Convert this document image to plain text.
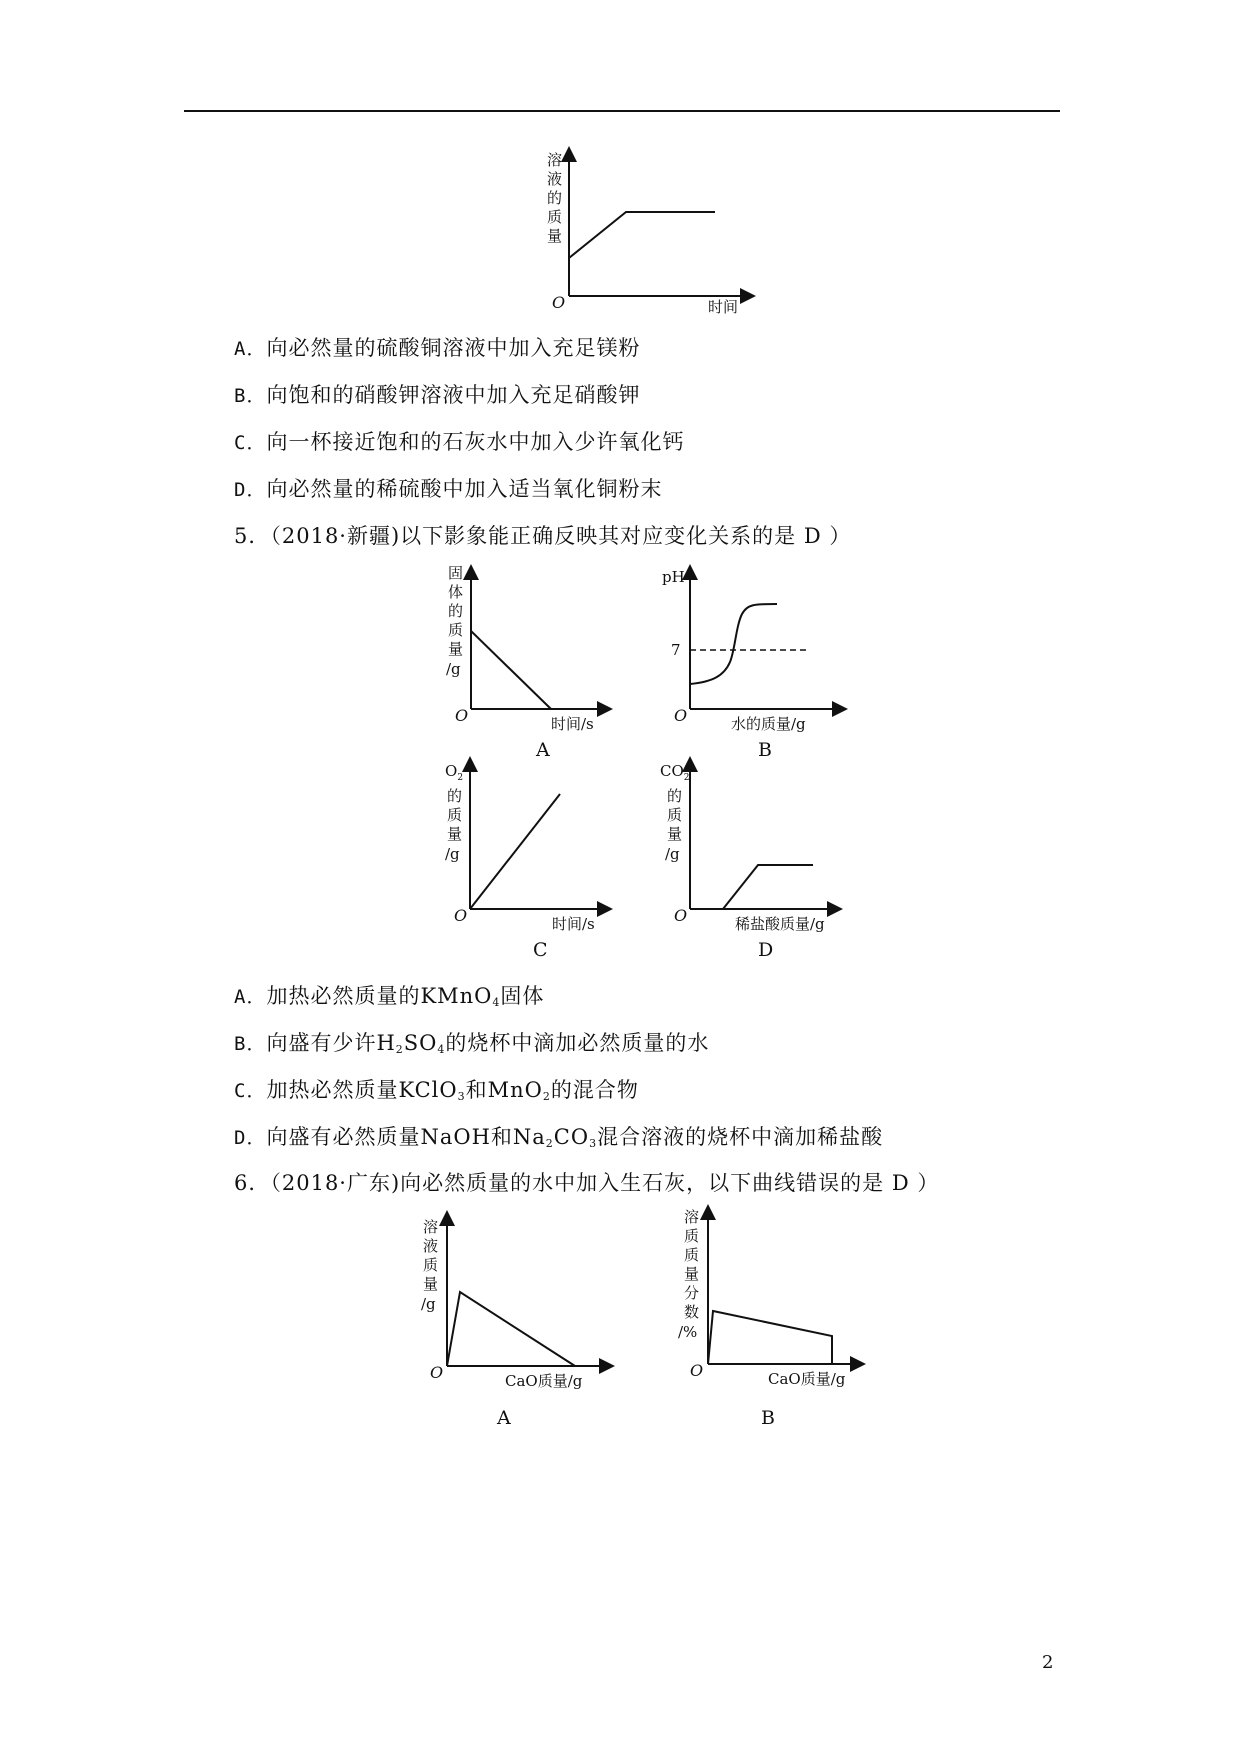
溶
液
的
质
量
O	时间
A．向必然量的硫酸铜溶液中加入充足镁粉
B．向饱和的硝酸钾溶液中加入充足硝酸钾
C．向一杯接近饱和的石灰水中加入少许氧化钙
D．向必然量的稀硫酸中加入适当氧化铜粉末
5．（2018·新疆)以下影象能正确反映其对应变化关系的是 D ）
固
体
的
质
量
/g
O	时间/s
A
pH
7
O	水的质量/g
B
$O_2$
的
质
量
/g
O	时间/s
C
$CO_2$
的
质
量
/g
O	稀盐酸质量/g
D
A．加热必然质量的KMnO$_4$固体
B．向盛有少许$H_2SO_4$的烧杯中滴加必然质量的水
C．加热必然质量KClO$_3$和MnO$_2$的混合物
D．向盛有必然质量NaOH和$Na_2CO_3$混合溶液的烧杯中滴加稀盐酸
6．（2018·广东)向必然质量的水中加入生石灰，以下曲线错误的是 D ）
溶
液
质
量
/g
O	CaO质量/g
A
溶
质
质
量
分
数
/%
O	CaO质量/g
B
2
